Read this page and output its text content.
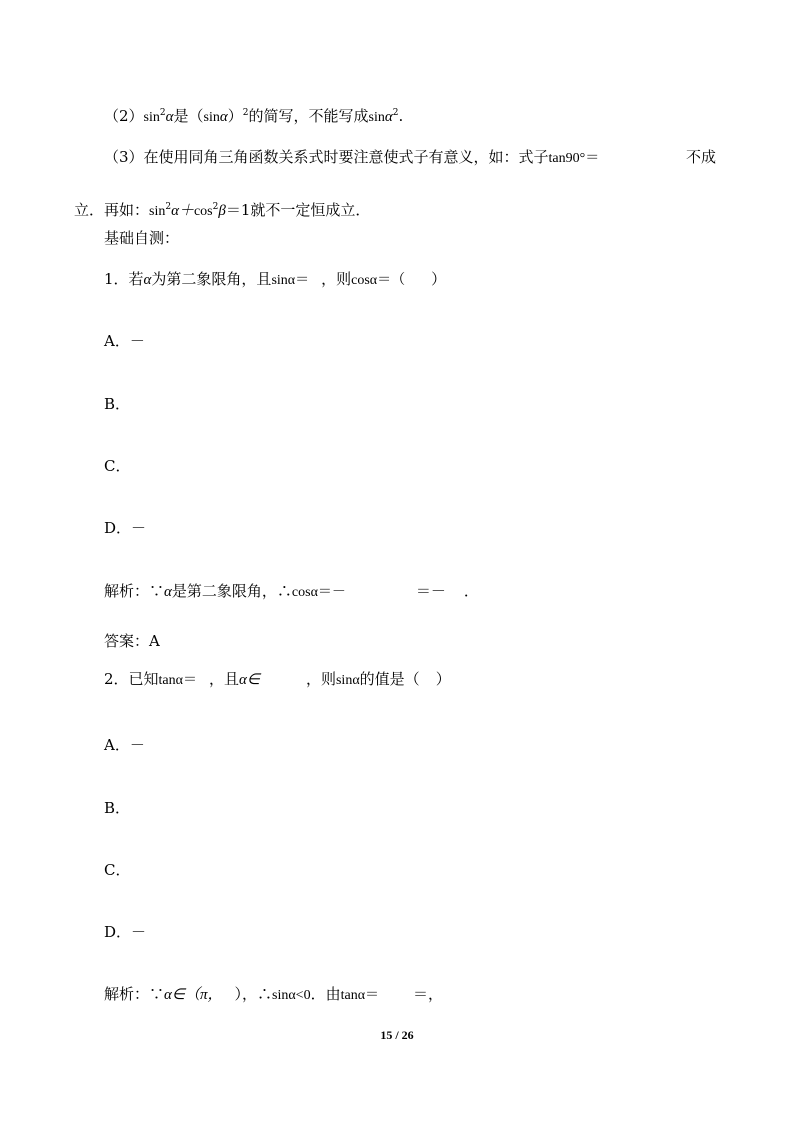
$(2)\sin^2\alpha$是$(\sin\alpha)^2$的简写，不能写成sinα$^2$.
（3）在使用同角三角函数关系式时要注意使式子有意义，如：式子tan90°＝	不成
立．再如：$\sin^2\alpha+\cos^2\beta=1$就不一定恒成立．
基础自测：
1．若α为第二象限角，且sinα＝ ，则cosα＝（ ）
A．－
B．
C．
D．－
解析：∵α是第二象限角，∴cosα＝－	＝－ ．
答案：A
2．已知tanα＝ ，且α∈	，则sinα的值是（ ）
A．－
B．
C．
D．－
解析：∵α∈（π， ），∴sinα<0．由tanα＝ ＝，
15 / 26
